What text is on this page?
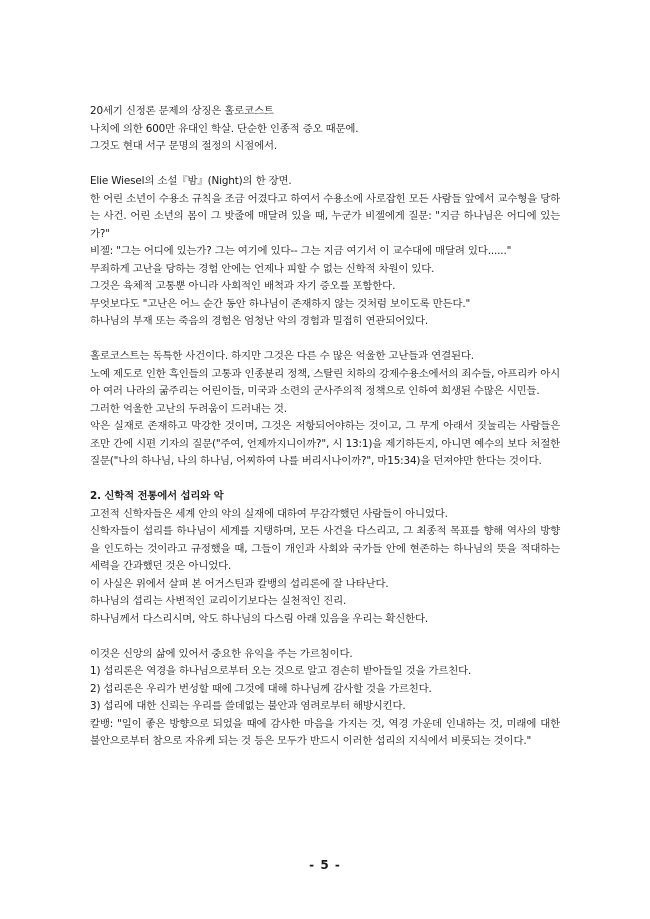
20세기 신정론 문제의 상징은 홀로코스트

나치에 의한 600만 유대인 학살. 단순한 인종적 증오 때문에.

그것도 현대 서구 문명의 절정의 시점에서.

Elie Wiesel의 소설『밤』(Night)의 한 장면.

한 어린 소년이 수용소 규칙을 조금 어겼다고 하여서 수용소에 사로잡힌 모든 사람들 앞에서 교수형을 당하는 사건. 어린 소년의 몸이 그 밧줄에 매달려 있을 때, 누군가 비젤에게 질문: "지금 하나님은 어디에 있는가?"

비젤: "그는 어디에 있는가? 그는 여기에 있다-- 그는 지금 여기서 이 교수대에 매달려 있다......"

무죄하게 고난을 당하는 경험 안에는 언제나 피할 수 없는 신학적 차원이 있다.

그것은 육체적 고통뿐 아니라 사회적인 배척과 자기 증오를 포함한다.

무엇보다도 "고난은 어느 순간 동안 하나님이 존재하지 않는 것처럼 보이도록 만든다."

하나님의 부재 또는 죽음의 경험은 엄청난 악의 경험과 밀접히 연관되어있다.

홀로코스트는 독특한 사건이다. 하지만 그것은 다른 수 많은 억울한 고난들과 연결된다.

노예 제도로 인한 흑인들의 고통과 인종분리 정책, 스탈린 치하의 강제수용소에서의 죄수들, 아프리카 아시아 여러 나라의 굶주리는 어린이들, 미국과 소련의 군사주의적 정책으로 인하여 희생된 수많은 시민들.

그러한 억울한 고난의 두려움이 드러내는 것.

악은 실재로 존재하고 막강한 것이며, 그것은 저항되어야하는 것이고, 그 무게 아래서 짓눌리는 사람들은 조만 간에 시편 기자의 질문("주여, 언제까지니이까?", 시 13:1)을 제기하든지, 아니면 예수의 보다 처절한 질문("나의 하나님, 나의 하나님, 어찌하여 나를 버리시나이까?", 마15:34)을 던져야만 한다는 것이다.

2. 신학적 전통에서 섭리와 악

고전적 신학자들은 세계 안의 악의 실재에 대하여 무감각했던 사람들이 아니었다.

신학자들이 섭리를 하나님이 세계를 지탱하며, 모든 사건을 다스리고, 그 최종적 목표를 향해 역사의 방향을 인도하는 것이라고 규정했을 때, 그들이 개인과 사회와 국가들 안에 현존하는 하나님의 뜻을 적대하는 세력을 간과했던 것은 아니었다.

이 사실은 위에서 살펴 본 어거스틴과 칼뱅의 섭리론에 잘 나타난다.

하나님의 섭리는 사변적인 교리이기보다는 실천적인 진리.

하나님께서 다스리시며, 악도 하나님의 다스림 아래 있음을 우리는 확신한다.

이것은 신앙의 삶에 있어서 중요한 유익을 주는 가르침이다.

1) 섭리론은 역경을 하나님으로부터 오는 것으로 알고 겸손히 받아들일 것을 가르친다.

2) 섭리론은 우리가 번성할 때에 그것에 대해 하나님께 감사할 것을 가르친다.

3) 섭리에 대한 신뢰는 우리를 쓸데없는 불안과 염려로부터 해방시킨다.

칼뱅: "일이 좋은 방향으로 되었을 때에 감사한 마음을 가지는 것, 역경 가운데 인내하는 것, 미래에 대한 불안으로부터 참으로 자유케 되는 것 등은 모두가 반드시 이러한 섭리의 지식에서 비롯되는 것이다."

- 5 -
